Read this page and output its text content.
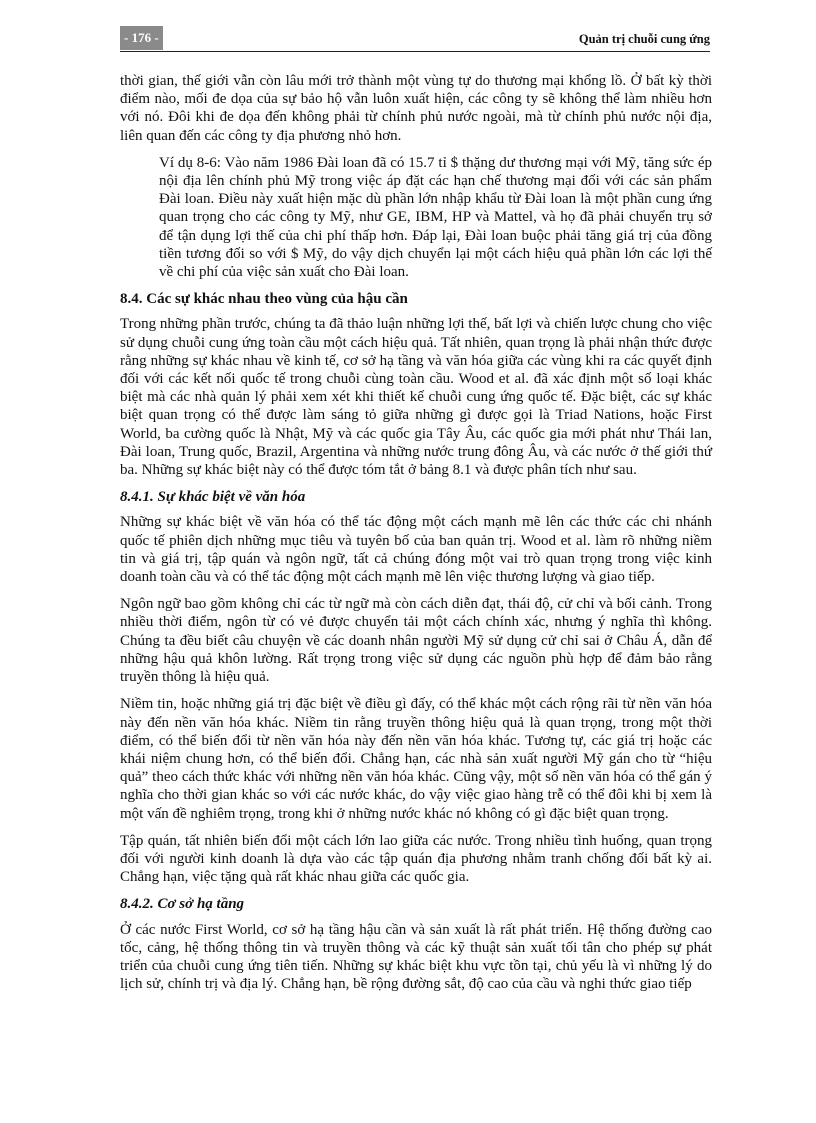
- 176 -	Quản trị chuỗi cung ứng

thời gian, thế giới vẫn còn lâu mới trở thành một vùng tự do thương mại khổng lồ. Ở bất kỳ thời điểm nào, mối đe dọa của sự bảo hộ vẫn luôn xuất hiện, các công ty sẽ không thể làm nhiều hơn với nó. Đôi khi đe dọa đến không phải từ chính phủ nước ngoài, mà từ chính phủ nước nội địa, liên quan đến các công ty địa phương nhỏ hơn.

Ví dụ 8-6: Vào năm 1986 Đài loan đã có 15.7 tỉ $ thặng dư thương mại với Mỹ, tăng sức ép nội địa lên chính phủ Mỹ trong việc áp đặt các hạn chế thương mại đối với các sản phẩm Đài loan. Điều này xuất hiện mặc dù phần lớn nhập khẩu từ Đài loan là một phần cung ứng quan trọng cho các công ty Mỹ, như GE, IBM, HP và Mattel, và họ đã phải chuyển trụ sở để tận dụng lợi thế của chi phí thấp hơn. Đáp lại, Đài loan buộc phải tăng giá trị của đồng tiền tương đối so với $ Mỹ, do vậy dịch chuyển lại một cách hiệu quả phần lớn các lợi thế về chi phí của việc sản xuất cho Đài loan.

8.4. Các sự khác nhau theo vùng của hậu cần

Trong những phần trước, chúng ta đã thảo luận những lợi thế, bất lợi và chiến lược chung cho việc sử dụng chuỗi cung ứng toàn cầu một cách hiệu quả. Tất nhiên, quan trọng là phải nhận thức được rằng những sự khác nhau về kinh tế, cơ sở hạ tầng và văn hóa giữa các vùng khi ra các quyết định đối với các kết nối quốc tế trong chuỗi cùng toàn cầu. Wood et al. đã xác định một số loại khác biệt mà các nhà quản lý phải xem xét khi thiết kế chuỗi cung ứng quốc tế. Đặc biệt, các sự khác biệt quan trọng có thể được làm sáng tỏ giữa những gì được gọi là Triad Nations, hoặc First World, ba cường quốc là Nhật, Mỹ và các quốc gia Tây Âu, các quốc gia mới phát như Thái lan, Đài loan, Trung quốc, Brazil, Argentina và những nước trung đông Âu, và các nước ở thế giới thứ ba. Những sự khác biệt này có thể được tóm tắt ở bảng 8.1 và được phân tích như sau.

8.4.1. Sự khác biệt về văn hóa

Những sự khác biệt về văn hóa có thể tác động một cách mạnh mẽ lên các thức các chi nhánh quốc tế phiên dịch những mục tiêu và tuyên bố của ban quản trị. Wood et al. làm rõ những niềm tin và giá trị, tập quán và ngôn ngữ, tất cả chúng đóng một vai trò quan trọng trong việc kinh doanh toàn cầu và có thể tác động một cách mạnh mẽ lên việc thương lượng và giao tiếp.

Ngôn ngữ bao gồm không chỉ các từ ngữ mà còn cách diễn đạt, thái độ, cử chỉ và bối cảnh. Trong nhiều thời điểm, ngôn từ có vẻ được chuyển tải một cách chính xác, nhưng ý nghĩa thì không. Chúng ta đều biết câu chuyện về các doanh nhân người Mỹ sử dụng cử chỉ sai ở Châu Á, dẫn để những hậu quả khôn lường. Rất trọng trong việc sử dụng các nguồn phù hợp để đảm bảo rằng truyền thông là hiệu quả.

Niềm tin, hoặc những giá trị đặc biệt về điều gì đấy, có thể khác một cách rộng rãi từ nền văn hóa này đến nền văn hóa khác. Niềm tin rằng truyền thông hiệu quả là quan trọng, trong một thời điểm, có thể biến đổi từ nền văn hóa này đến nền văn hóa khác. Tương tự, các giá trị hoặc các khái niệm chung hơn, có thể biến đổi. Chẳng hạn, các nhà sản xuất người Mỹ gán cho từ “hiệu quả” theo cách thức khác với những nền văn hóa khác. Cũng vậy, một số nền văn hóa có thể gán ý nghĩa cho thời gian khác so với các nước khác, do vậy việc giao hàng trễ có thể đôi khi bị xem là một vấn đề nghiêm trọng, trong khi ở những nước khác nó không có gì đặc biệt quan trọng.

Tập quán, tất nhiên biến đổi một cách lớn lao giữa các nước. Trong nhiều tình huống, quan trọng đối với người kinh doanh là dựa vào các tập quán địa phương nhằm tranh chống đối bất kỳ ai. Chẳng hạn, việc tặng quà rất khác nhau giữa các quốc gia.

8.4.2. Cơ sở hạ tầng

Ở các nước First World, cơ sở hạ tầng hậu cần và sản xuất là rất phát triển. Hệ thống đường cao tốc, cảng, hệ thống thông tin và truyền thông và các kỹ thuật sản xuất tối tân cho phép sự phát triển của chuỗi cung ứng tiên tiến. Những sự khác biệt khu vực tồn tại, chủ yếu là vì những lý do lịch sử, chính trị và địa lý. Chẳng hạn, bề rộng đường sắt, độ cao của cầu và nghi thức giao tiếp
